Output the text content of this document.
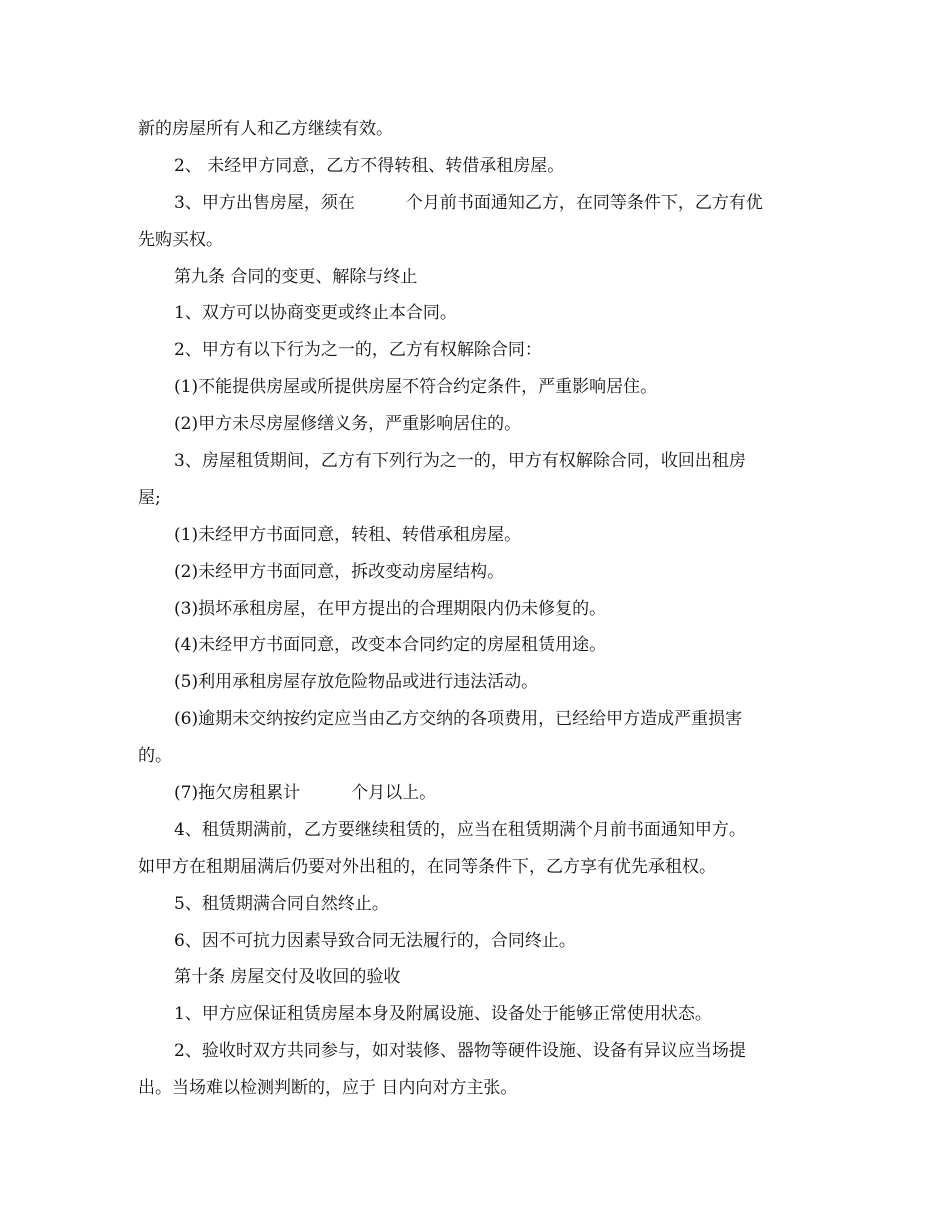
新的房屋所有人和乙方继续有效。
2、 未经甲方同意，乙方不得转租、转借承租房屋。
3、甲方出售房屋，须在　　　个月前书面通知乙方，在同等条件下，乙方有优
先购买权。
第九条 合同的变更、解除与终止
1、双方可以协商变更或终止本合同。
2、甲方有以下行为之一的，乙方有权解除合同：
(1)不能提供房屋或所提供房屋不符合约定条件，严重影响居住。
(2)甲方未尽房屋修缮义务，严重影响居住的。
3、房屋租赁期间，乙方有下列行为之一的，甲方有权解除合同，收回出租房
屋;
(1)未经甲方书面同意，转租、转借承租房屋。
(2)未经甲方书面同意，拆改变动房屋结构。
(3)损坏承租房屋，在甲方提出的合理期限内仍未修复的。
(4)未经甲方书面同意，改变本合同约定的房屋租赁用途。
(5)利用承租房屋存放危险物品或进行违法活动。
(6)逾期未交纳按约定应当由乙方交纳的各项费用，已经给甲方造成严重损害
的。
(7)拖欠房租累计　　　个月以上。
4、租赁期满前，乙方要继续租赁的，应当在租赁期满个月前书面通知甲方。
如甲方在租期届满后仍要对外出租的，在同等条件下，乙方享有优先承租权。
5、租赁期满合同自然终止。
6、因不可抗力因素导致合同无法履行的，合同终止。
第十条 房屋交付及收回的验收
1、甲方应保证租赁房屋本身及附属设施、设备处于能够正常使用状态。
2、验收时双方共同参与，如对装修、器物等硬件设施、设备有异议应当场提
出。当场难以检测判断的，应于 日内向对方主张。
